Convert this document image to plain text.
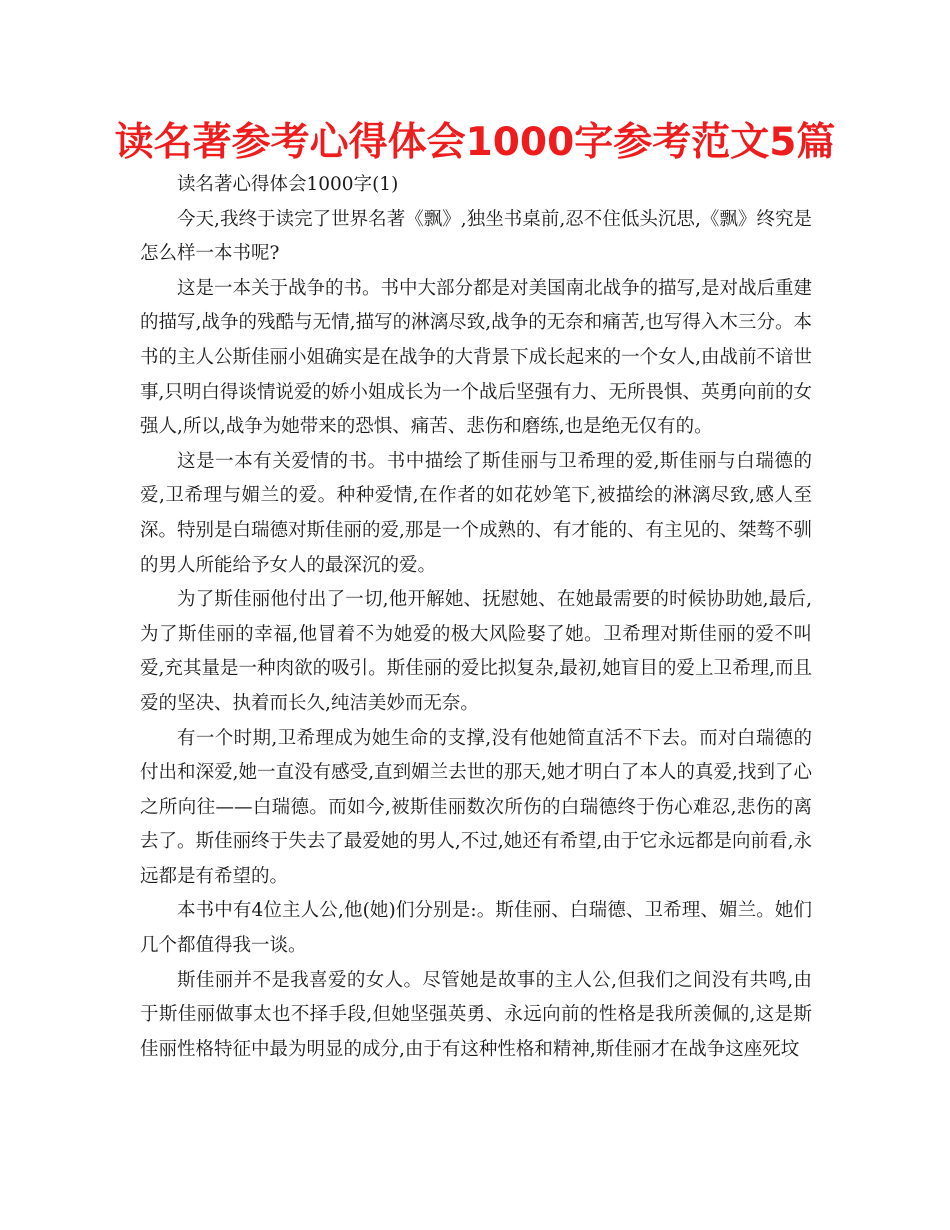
读名著参考心得体会1000字参考范文5篇

读名著心得体会1000字(1)

今天,我终于读完了世界名著《飘》,独坐书桌前,忍不住低头沉思,《飘》终究是怎么样一本书呢?

这是一本关于战争的书。书中大部分都是对美国南北战争的描写,是对战后重建的描写,战争的残酷与无情,描写的淋漓尽致,战争的无奈和痛苦,也写得入木三分。本书的主人公斯佳丽小姐确实是在战争的大背景下成长起来的一个女人,由战前不谙世事,只明白得谈情说爱的娇小姐成长为一个战后坚强有力、无所畏惧、英勇向前的女强人,所以,战争为她带来的恐惧、痛苦、悲伤和磨练,也是绝无仅有的。

这是一本有关爱情的书。书中描绘了斯佳丽与卫希理的爱,斯佳丽与白瑞德的爱,卫希理与媚兰的爱。种种爱情,在作者的如花妙笔下,被描绘的淋漓尽致,感人至深。特别是白瑞德对斯佳丽的爱,那是一个成熟的、有才能的、有主见的、桀骜不驯的男人所能给予女人的最深沉的爱。

为了斯佳丽他付出了一切,他开解她、抚慰她、在她最需要的时候协助她,最后,为了斯佳丽的幸福,他冒着不为她爱的极大风险娶了她。卫希理对斯佳丽的爱不叫爱,充其量是一种肉欲的吸引。斯佳丽的爱比拟复杂,最初,她盲目的爱上卫希理,而且爱的坚决、执着而长久,纯洁美妙而无奈。

有一个时期,卫希理成为她生命的支撑,没有他她简直活不下去。而对白瑞德的付出和深爱,她一直没有感受,直到媚兰去世的那天,她才明白了本人的真爱,找到了心之所向往——白瑞德。而如今,被斯佳丽数次所伤的白瑞德终于伤心难忍,悲伤的离去了。斯佳丽终于失去了最爱她的男人,不过,她还有希望,由于它永远都是向前看,永远都是有希望的。

本书中有4位主人公,他(她)们分别是:。斯佳丽、白瑞德、卫希理、媚兰。她们几个都值得我一谈。

斯佳丽并不是我喜爱的女人。尽管她是故事的主人公,但我们之间没有共鸣,由于斯佳丽做事太也不择手段,但她坚强英勇、永远向前的性格是我所羡佩的,这是斯佳丽性格特征中最为明显的成分,由于有这种性格和精神,斯佳丽才在战争这座死坟
